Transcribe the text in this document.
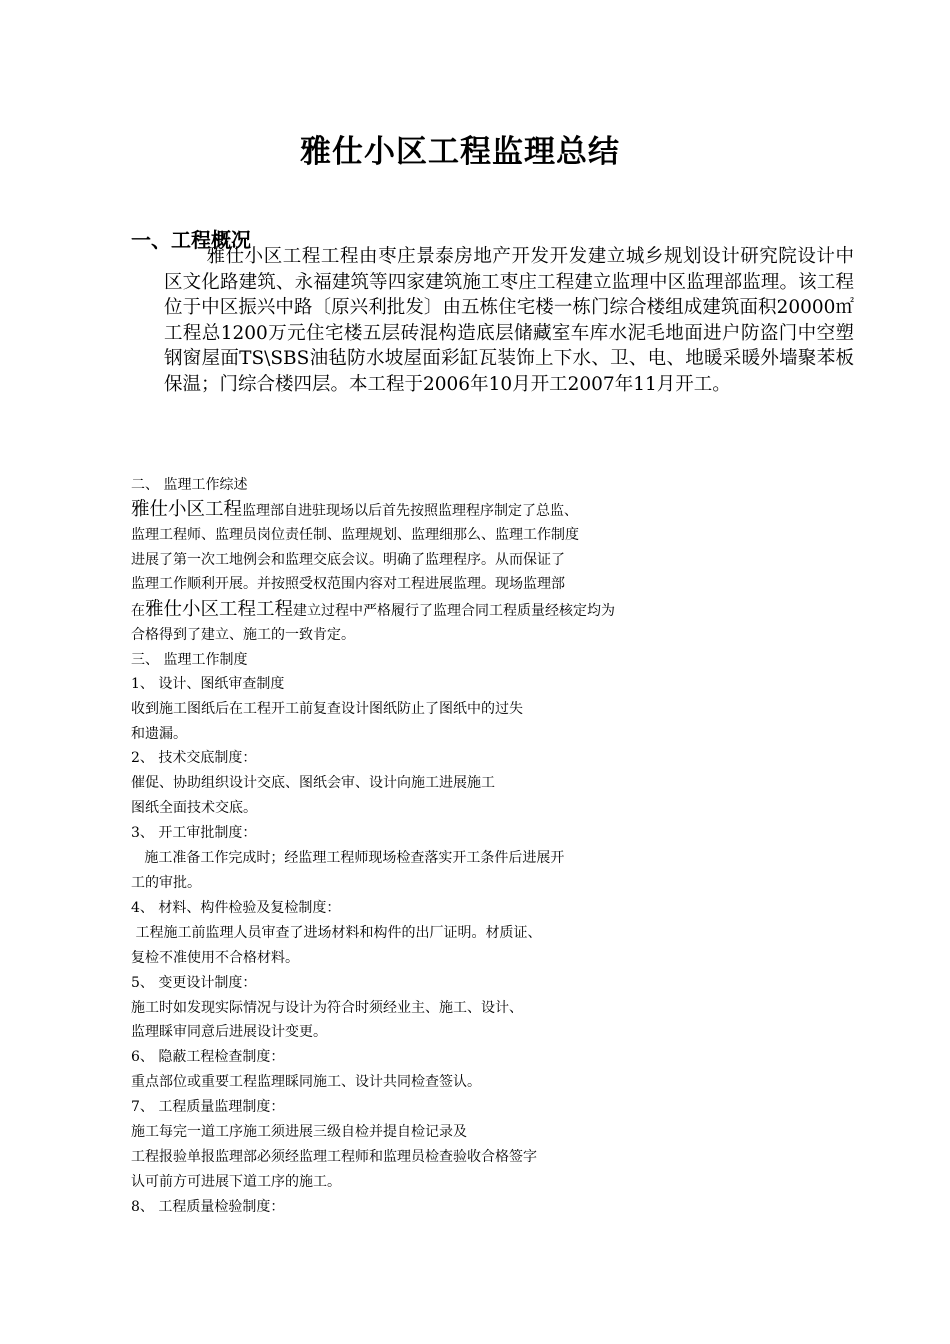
雅仕小区工程监理总结
一、工程概况

雅仕小区工程工程由枣庄景泰房地产开发开发建立城乡规划设计研究院设计中区文化路建筑、永福建筑等四家建筑施工枣庄工程建立监理中区监理部监理。该工程位于中区振兴中路〔原兴利批发〕由五栋住宅楼一栋门综合楼组成建筑面积20000㎡工程总1200万元住宅楼五层砖混构造底层储藏室车库水泥毛地面进户防盗门中空塑钢窗屋面TS\SBS油毡防水坡屋面彩缸瓦装饰上下水、卫、电、地暖采暖外墙聚苯板保温；门综合楼四层。本工程于2006年10月开工2007年11月开工。

二、 监理工作综述
雅仕小区工程监理部自进驻现场以后首先按照监理程序制定了总监、
监理工程师、监理员岗位责任制、监理规划、监理细那么、监理工作制度
进展了第一次工地例会和监理交底会议。明确了监理程序。从而保证了
监理工作顺利开展。并按照受权范围内容对工程进展监理。现场监理部
在雅仕小区工程工程建立过程中严格履行了监理合同工程质量经核定均为
合格得到了建立、施工的一致肯定。
三、 监理工作制度
1、 设计、图纸审查制度
收到施工图纸后在工程开工前复查设计图纸防止了图纸中的过失
和遗漏。
2、 技术交底制度：
催促、协助组织设计交底、图纸会审、设计向施工进展施工
图纸全面技术交底。
3、 开工审批制度：
施工准备工作完成时；经监理工程师现场检查落实开工条件后进展开
工的审批。
4、 材料、构件检验及复检制度：
工程施工前监理人员审查了进场材料和构件的出厂证明。材质证、
复检不准使用不合格材料。
5、 变更设计制度：
施工时如发现实际情况与设计为符合时须经业主、施工、设计、
监理睬审同意后进展设计变更。
6、 隐蔽工程检查制度：
重点部位或重要工程监理睬同施工、设计共同检查签认。
7、 工程质量监理制度：
施工每完一道工序施工须进展三级自检并提自检记录及
工程报验单报监理部必须经监理工程师和监理员检查验收合格签字
认可前方可进展下道工序的施工。
8、 工程质量检验制度：
